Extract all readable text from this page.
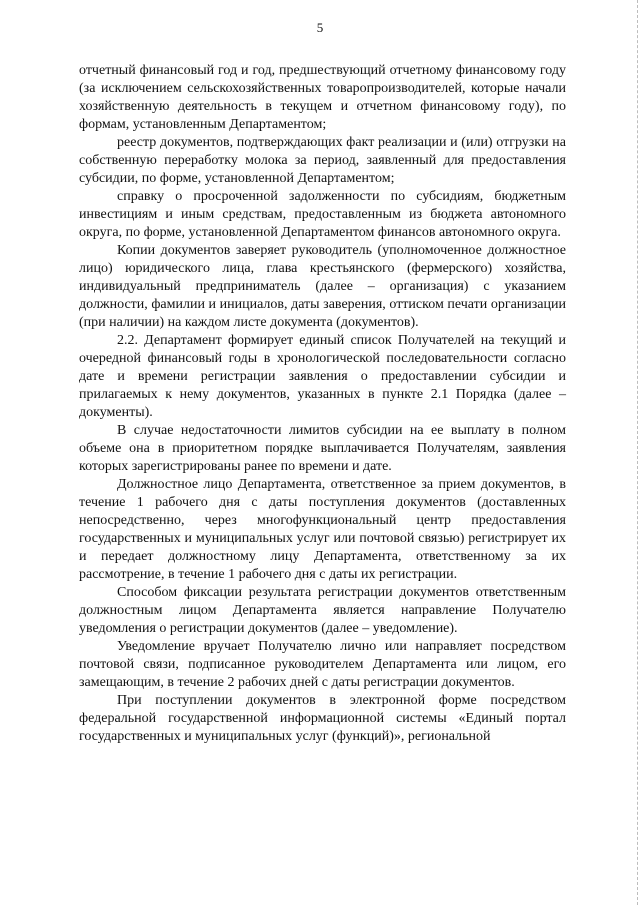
5

отчетный финансовый год и год, предшествующий отчетному финансовому году (за исключением сельскохозяйственных товаропроизводителей, которые начали хозяйственную деятельность в текущем и отчетном финансовому году), по формам, установленным Департаментом;

реестр документов, подтверждающих факт реализации и (или) отгрузки на собственную переработку молока за период, заявленный для предоставления субсидии, по форме, установленной Департаментом;

справку о просроченной задолженности по субсидиям, бюджетным инвестициям и иным средствам, предоставленным из бюджета автономного округа, по форме, установленной Департаментом финансов автономного округа.

Копии документов заверяет руководитель (уполномоченное должностное лицо) юридического лица, глава крестьянского (фермерского) хозяйства, индивидуальный предприниматель (далее – организация) с указанием должности, фамилии и инициалов, даты заверения, оттиском печати организации (при наличии) на каждом листе документа (документов).

2.2. Департамент формирует единый список Получателей на текущий и очередной финансовый годы в хронологической последовательности согласно дате и времени регистрации заявления о предоставлении субсидии и прилагаемых к нему документов, указанных в пункте 2.1 Порядка (далее – документы).

В случае недостаточности лимитов субсидии на ее выплату в полном объеме она в приоритетном порядке выплачивается Получателям, заявления которых зарегистрированы ранее по времени и дате.

Должностное лицо Департамента, ответственное за прием документов, в течение 1 рабочего дня с даты поступления документов (доставленных непосредственно, через многофункциональный центр предоставления государственных и муниципальных услуг или почтовой связью) регистрирует их и передает должностному лицу Департамента, ответственному за их рассмотрение, в течение 1 рабочего дня с даты их регистрации.

Способом фиксации результата регистрации документов ответственным должностным лицом Департамента является направление Получателю уведомления о регистрации документов (далее – уведомление).

Уведомление вручает Получателю лично или направляет посредством почтовой связи, подписанное руководителем Департамента или лицом, его замещающим, в течение 2 рабочих дней с даты регистрации документов.

При поступлении документов в электронной форме посредством федеральной государственной информационной системы «Единый портал государственных и муниципальных услуг (функций)», региональной
